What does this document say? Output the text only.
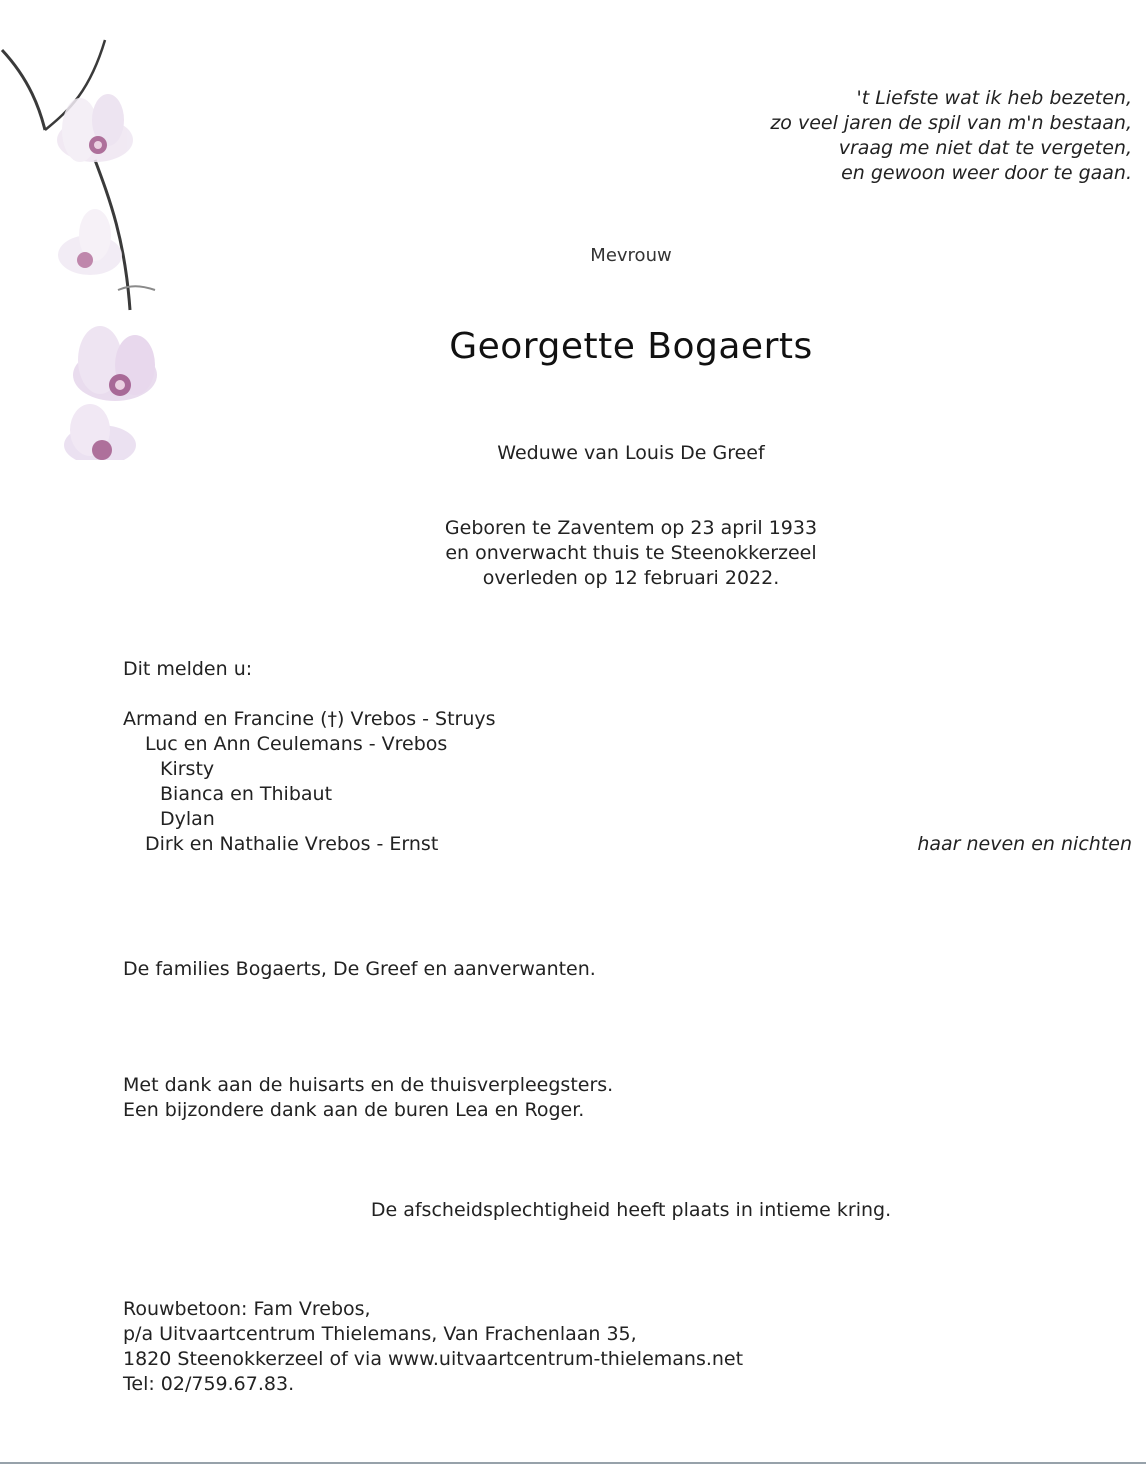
't Liefste wat ik heb bezeten,
zo veel jaren de spil van m'n bestaan,
vraag me niet dat te vergeten,
en gewoon weer door te gaan.
Mevrouw
Georgette Bogaerts
Weduwe van Louis De Greef
Geboren te Zaventem op 23 april 1933
en onverwacht thuis te Steenokkerzeel
overleden op 12 februari 2022.
Dit melden u:
Armand en Francine (†) Vrebos - Struys
Luc en Ann Ceulemans - Vrebos
Kirsty
Bianca en Thibaut
Dylan
Dirk en Nathalie Vrebos - Ernst	haar neven en nichten
De families Bogaerts, De Greef en aanverwanten.
Met dank aan de huisarts en de thuisverpleegsters.
Een bijzondere dank aan de buren Lea en Roger.
De afscheidsplechtigheid heeft plaats in intieme kring.
Rouwbetoon: Fam Vrebos,
p/a Uitvaartcentrum Thielemans, Van Frachenlaan 35,
1820 Steenokkerzeel of via www.uitvaartcentrum-thielemans.net
Tel: 02/759.67.83.
